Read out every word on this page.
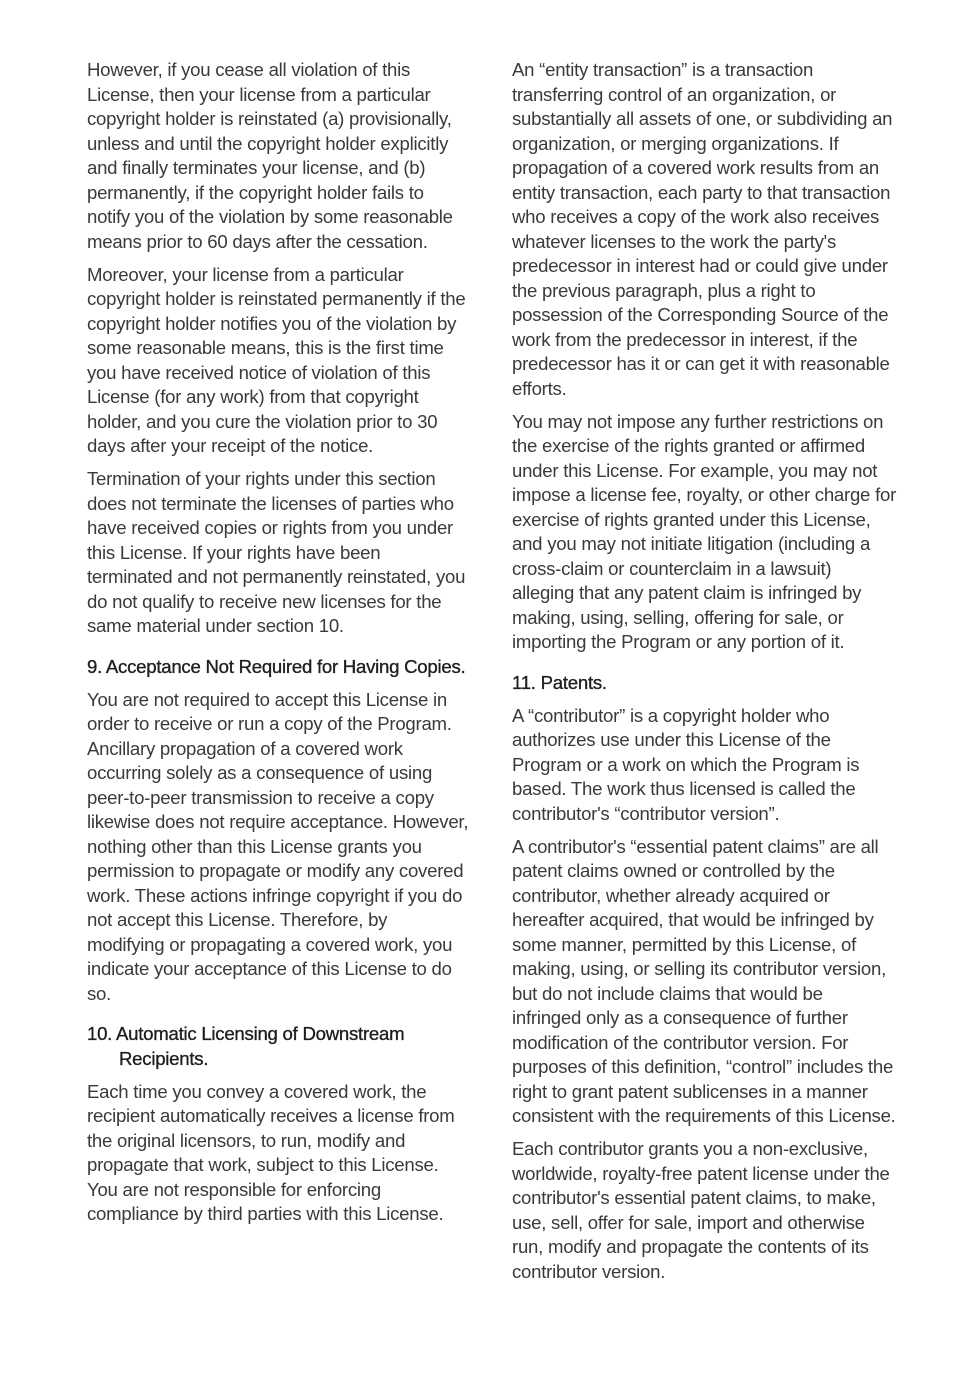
However, if you cease all violation of this License, then your license from a particular copyright holder is reinstated (a) provisionally, unless and until the copyright holder explicitly and finally terminates your license, and (b) permanently, if the copyright holder fails to notify you of the violation by some reasonable means prior to 60 days after the cessation.

Moreover, your license from a particular copyright holder is reinstated permanently if the copyright holder notifies you of the violation by some reasonable means, this is the first time you have received notice of violation of this License (for any work) from that copyright holder, and you cure the violation prior to 30 days after your receipt of the notice.

Termination of your rights under this section does not terminate the licenses of parties who have received copies or rights from you under this License. If your rights have been terminated and not permanently reinstated, you do not qualify to receive new licenses for the same material under section 10.

9. Acceptance Not Required for Having Copies.

You are not required to accept this License in order to receive or run a copy of the Program. Ancillary propagation of a covered work occurring solely as a consequence of using peer-to-peer transmission to receive a copy likewise does not require acceptance. However, nothing other than this License grants you permission to propagate or modify any covered work. These actions infringe copyright if you do not accept this License. Therefore, by modifying or propagating a covered work, you indicate your acceptance of this License to do so.

10. Automatic Licensing of Downstream Recipients.

Each time you convey a covered work, the recipient automatically receives a license from the original licensors, to run, modify and propagate that work, subject to this License. You are not responsible for enforcing compliance by third parties with this License.

An “entity transaction” is a transaction transferring control of an organization, or substantially all assets of one, or subdividing an organization, or merging organizations. If propagation of a covered work results from an entity transaction, each party to that transaction who receives a copy of the work also receives whatever licenses to the work the party's predecessor in interest had or could give under the previous paragraph, plus a right to possession of the Corresponding Source of the work from the predecessor in interest, if the predecessor has it or can get it with reasonable efforts.

You may not impose any further restrictions on the exercise of the rights granted or affirmed under this License. For example, you may not impose a license fee, royalty, or other charge for exercise of rights granted under this License, and you may not initiate litigation (including a cross-claim or counterclaim in a lawsuit) alleging that any patent claim is infringed by making, using, selling, offering for sale, or importing the Program or any portion of it.

11. Patents.

A “contributor” is a copyright holder who authorizes use under this License of the Program or a work on which the Program is based. The work thus licensed is called the contributor's “contributor version”.

A contributor's “essential patent claims” are all patent claims owned or controlled by the contributor, whether already acquired or hereafter acquired, that would be infringed by some manner, permitted by this License, of making, using, or selling its contributor version, but do not include claims that would be infringed only as a consequence of further modification of the contributor version. For purposes of this definition, “control” includes the right to grant patent sublicenses in a manner consistent with the requirements of this License.

Each contributor grants you a non-exclusive, worldwide, royalty-free patent license under the contributor's essential patent claims, to make, use, sell, offer for sale, import and otherwise run, modify and propagate the contents of its contributor version.
